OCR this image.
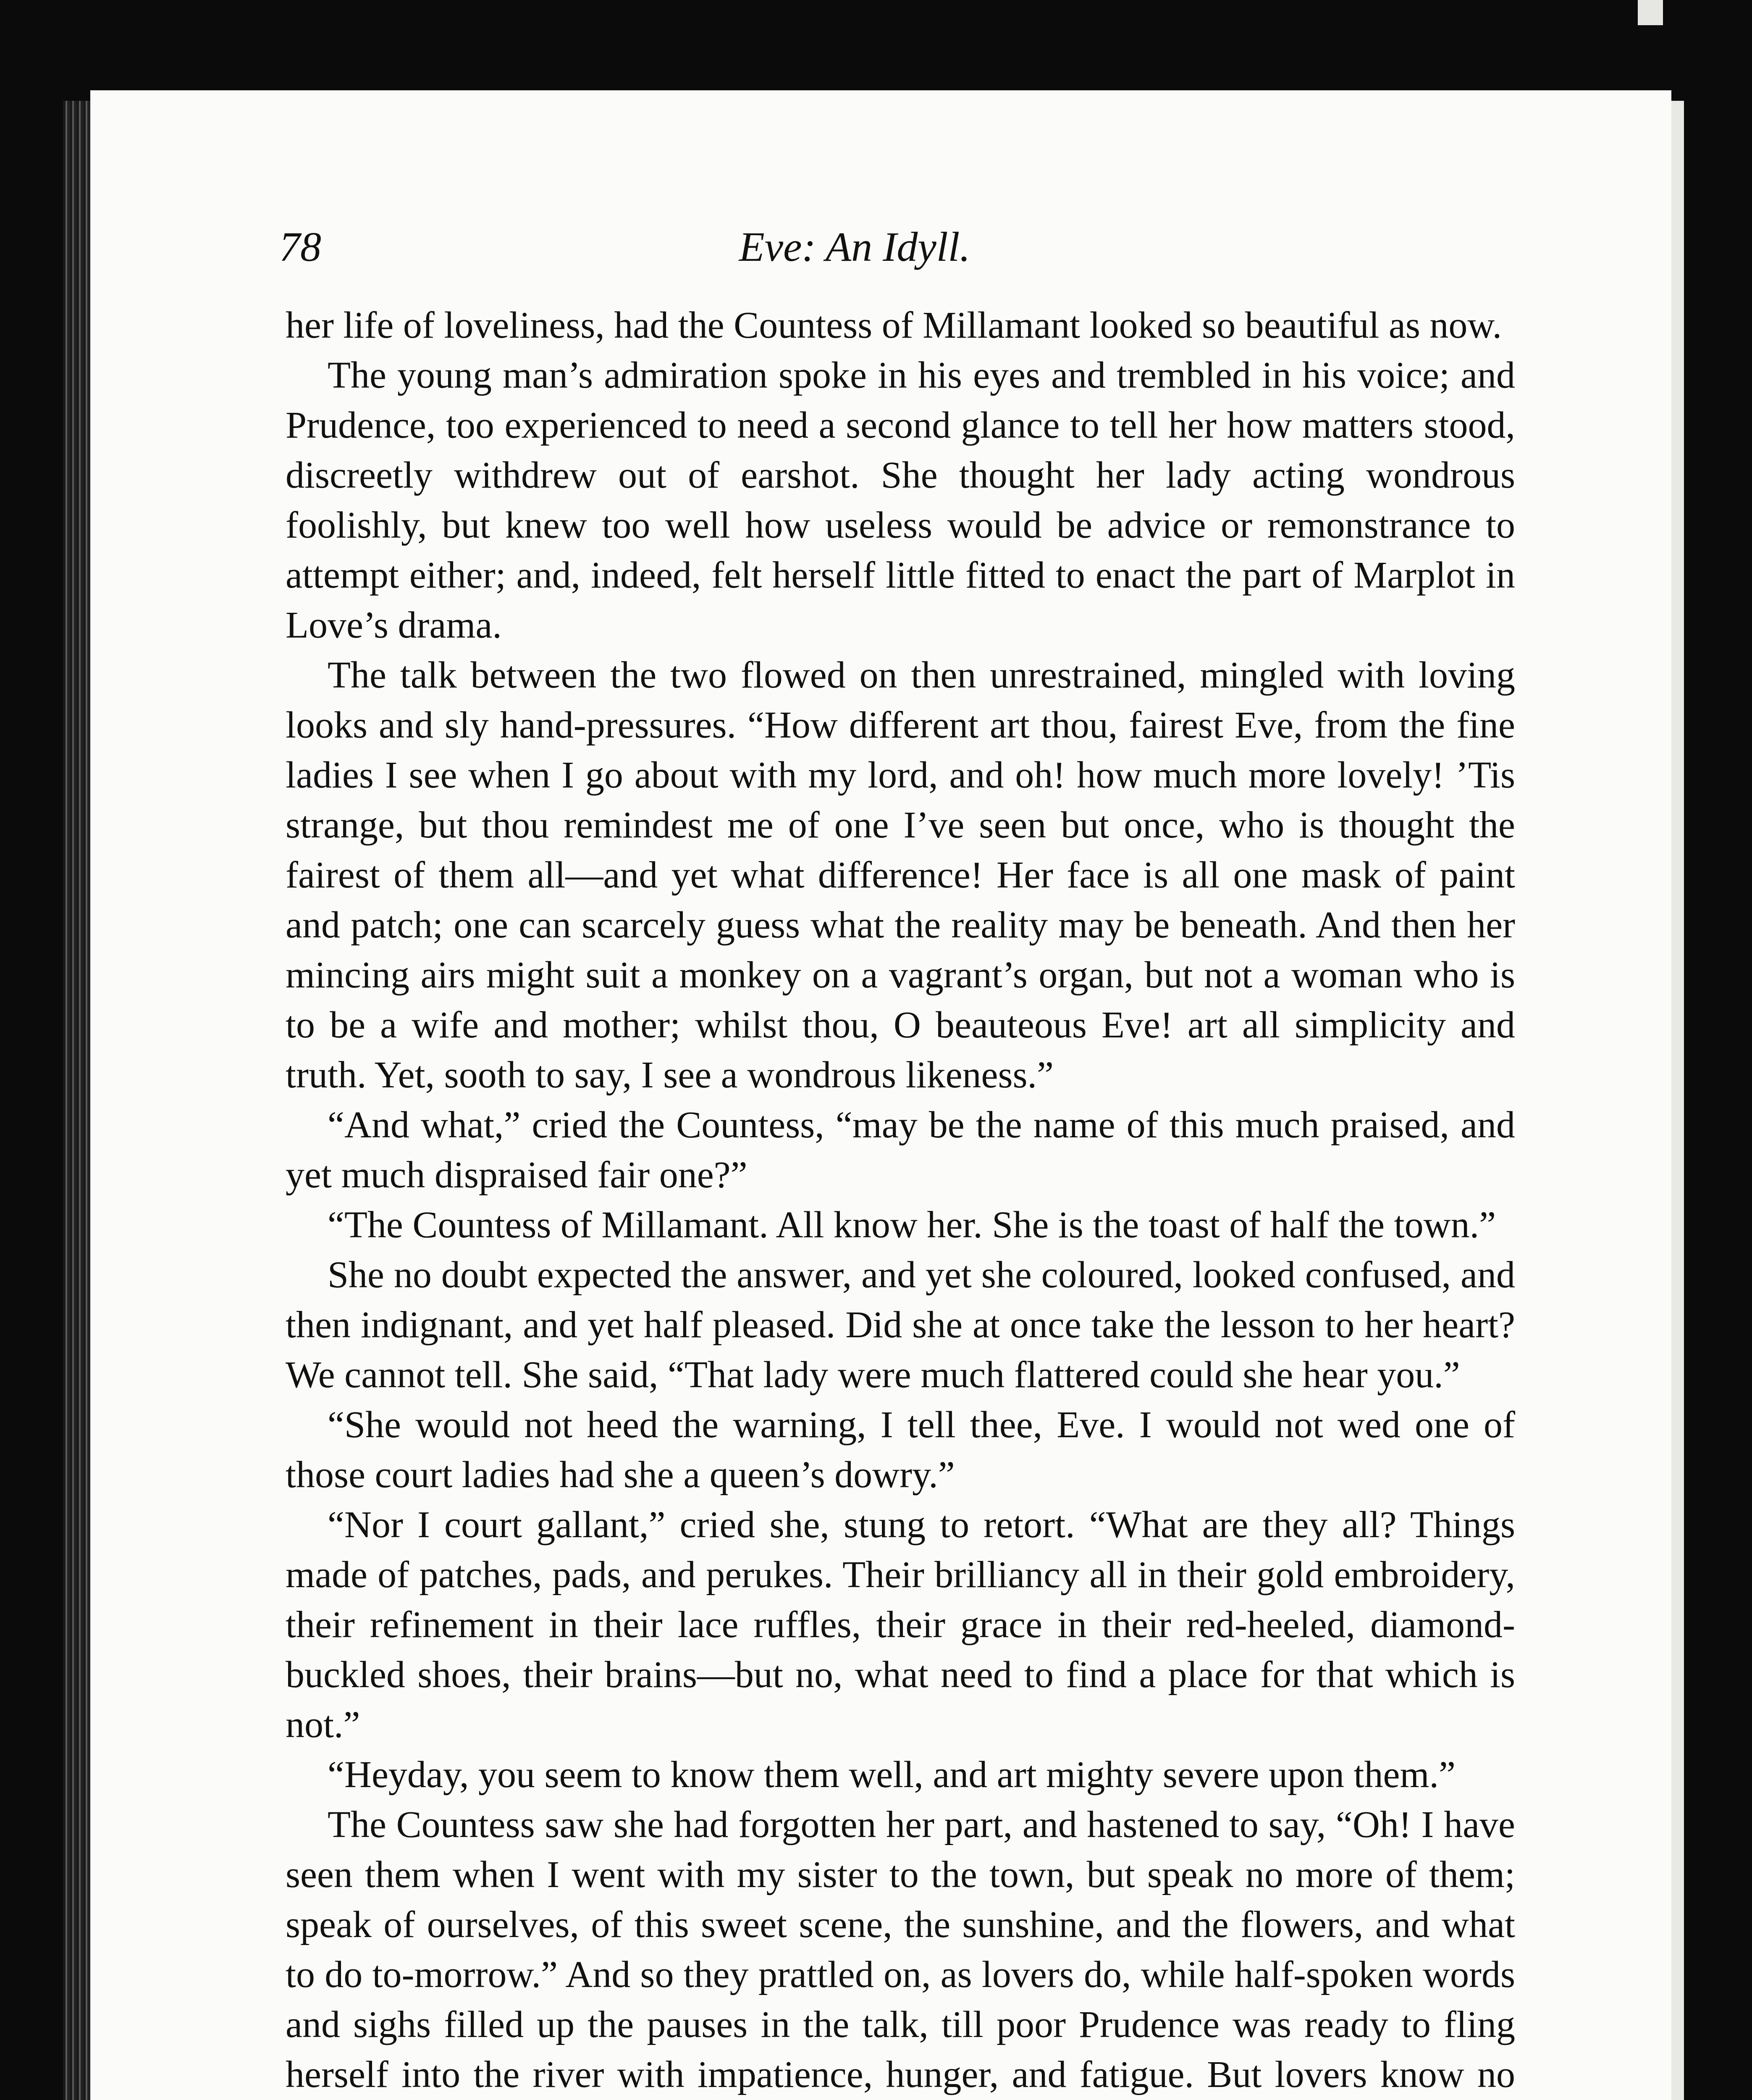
78	Eve: An Idyll.

her life of loveliness, had the Countess of Millamant looked so beautiful as now.

The young man’s admiration spoke in his eyes and trembled in his voice; and Prudence, too experienced to need a second glance to tell her how matters stood, discreetly withdrew out of earshot. She thought her lady acting wondrous foolishly, but knew too well how useless would be advice or remonstrance to attempt either; and, indeed, felt herself little fitted to enact the part of Marplot in Love’s drama.

The talk between the two flowed on then unrestrained, mingled with loving looks and sly hand-pressures. “How different art thou, fairest Eve, from the fine ladies I see when I go about with my lord, and oh! how much more lovely! ’Tis strange, but thou remindest me of one I’ve seen but once, who is thought the fairest of them all—and yet what difference! Her face is all one mask of paint and patch; one can scarcely guess what the reality may be beneath. And then her mincing airs might suit a monkey on a vagrant’s organ, but not a woman who is to be a wife and mother; whilst thou, O beauteous Eve! art all simplicity and truth. Yet, sooth to say, I see a wondrous likeness.”

“And what,” cried the Countess, “may be the name of this much praised, and yet much dispraised fair one?”

“The Countess of Millamant. All know her. She is the toast of half the town.”

She no doubt expected the answer, and yet she coloured, looked confused, and then indignant, and yet half pleased. Did she at once take the lesson to her heart? We cannot tell. She said, “That lady were much flattered could she hear you.”

“She would not heed the warning, I tell thee, Eve. I would not wed one of those court ladies had she a queen’s dowry.”

“Nor I court gallant,” cried she, stung to retort. “What are they all? Things made of patches, pads, and perukes. Their brilliancy all in their gold embroidery, their refinement in their lace ruffles, their grace in their red-heeled, diamond-buckled shoes, their brains—but no, what need to find a place for that which is not.”

“Heyday, you seem to know them well, and art mighty severe upon them.”

The Countess saw she had forgotten her part, and hastened to say, “Oh! I have seen them when I went with my sister to the town, but speak no more of them; speak of ourselves, of this sweet scene, the sunshine, and the flowers, and what to do to-morrow.” And so they prattled on, as lovers do, while half-spoken words and sighs filled up the pauses in the talk, till poor Prudence was ready to fling herself into the river with impatience, hunger, and fatigue. But lovers know no
